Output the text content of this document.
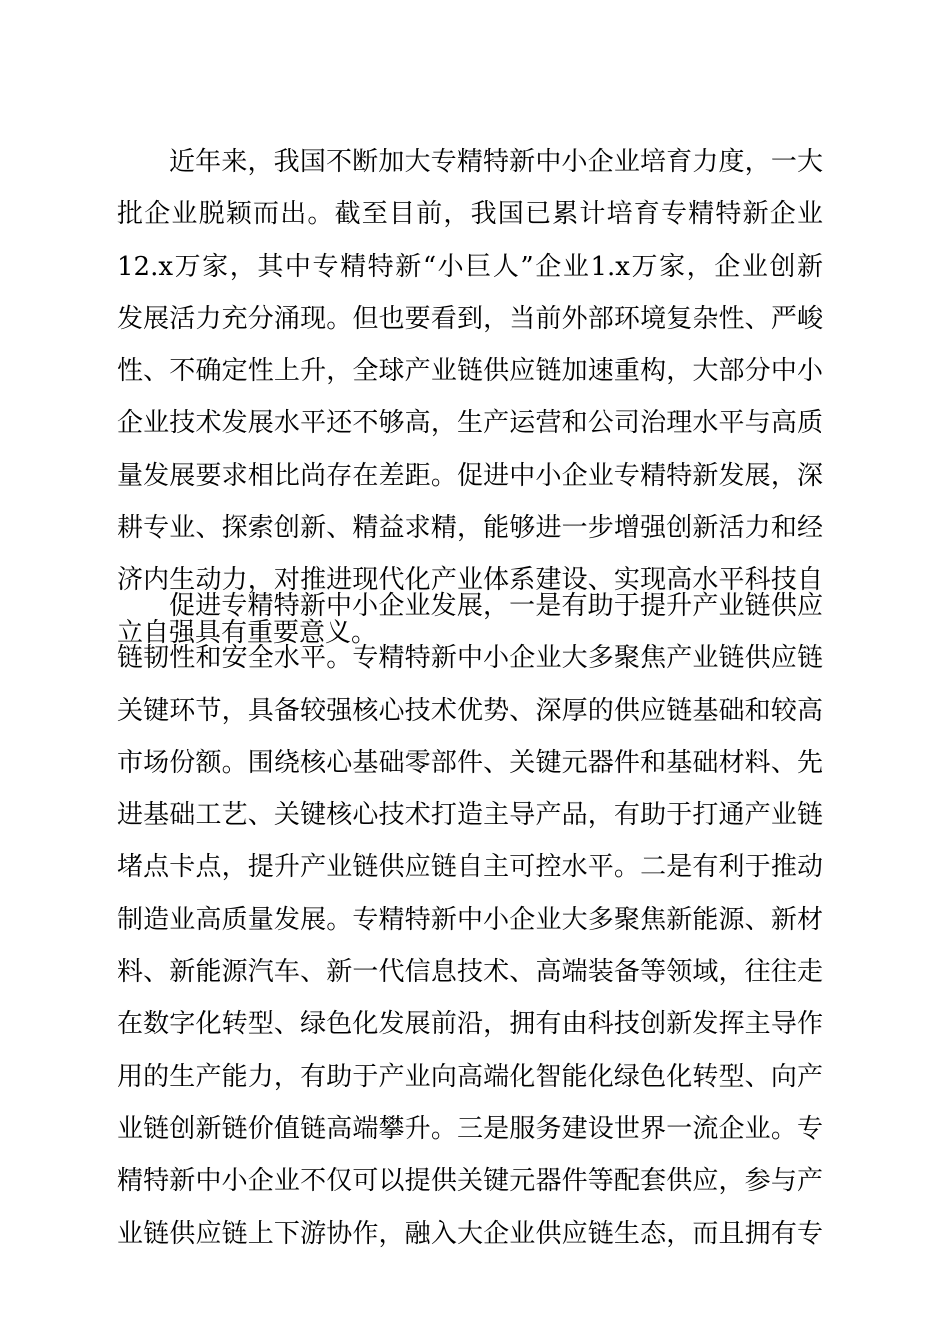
近年来，我国不断加大专精特新中小企业培育力度，一大
批企业脱颖而出。截至目前，我国已累计培育专精特新企业
12.x万家，其中专精特新“小巨人”企业1.x万家，企业创新
发展活力充分涌现。但也要看到，当前外部环境复杂性、严峻
性、不确定性上升，全球产业链供应链加速重构，大部分中小
企业技术发展水平还不够高，生产运营和公司治理水平与高质
量发展要求相比尚存在差距。促进中小企业专精特新发展，深
耕专业、探索创新、精益求精，能够进一步增强创新活力和经
济内生动力，对推进现代化产业体系建设、实现高水平科技自
立自强具有重要意义。
促进专精特新中小企业发展，一是有助于提升产业链供应
链韧性和安全水平。专精特新中小企业大多聚焦产业链供应链
关键环节，具备较强核心技术优势、深厚的供应链基础和较高
市场份额。围绕核心基础零部件、关键元器件和基础材料、先
进基础工艺、关键核心技术打造主导产品，有助于打通产业链
堵点卡点，提升产业链供应链自主可控水平。二是有利于推动
制造业高质量发展。专精特新中小企业大多聚焦新能源、新材
料、新能源汽车、新一代信息技术、高端装备等领域，往往走
在数字化转型、绿色化发展前沿，拥有由科技创新发挥主导作
用的生产能力，有助于产业向高端化智能化绿色化转型、向产
业链创新链价值链高端攀升。三是服务建设世界一流企业。专
精特新中小企业不仅可以提供关键元器件等配套供应，参与产
业链供应链上下游协作，融入大企业供应链生态，而且拥有专
